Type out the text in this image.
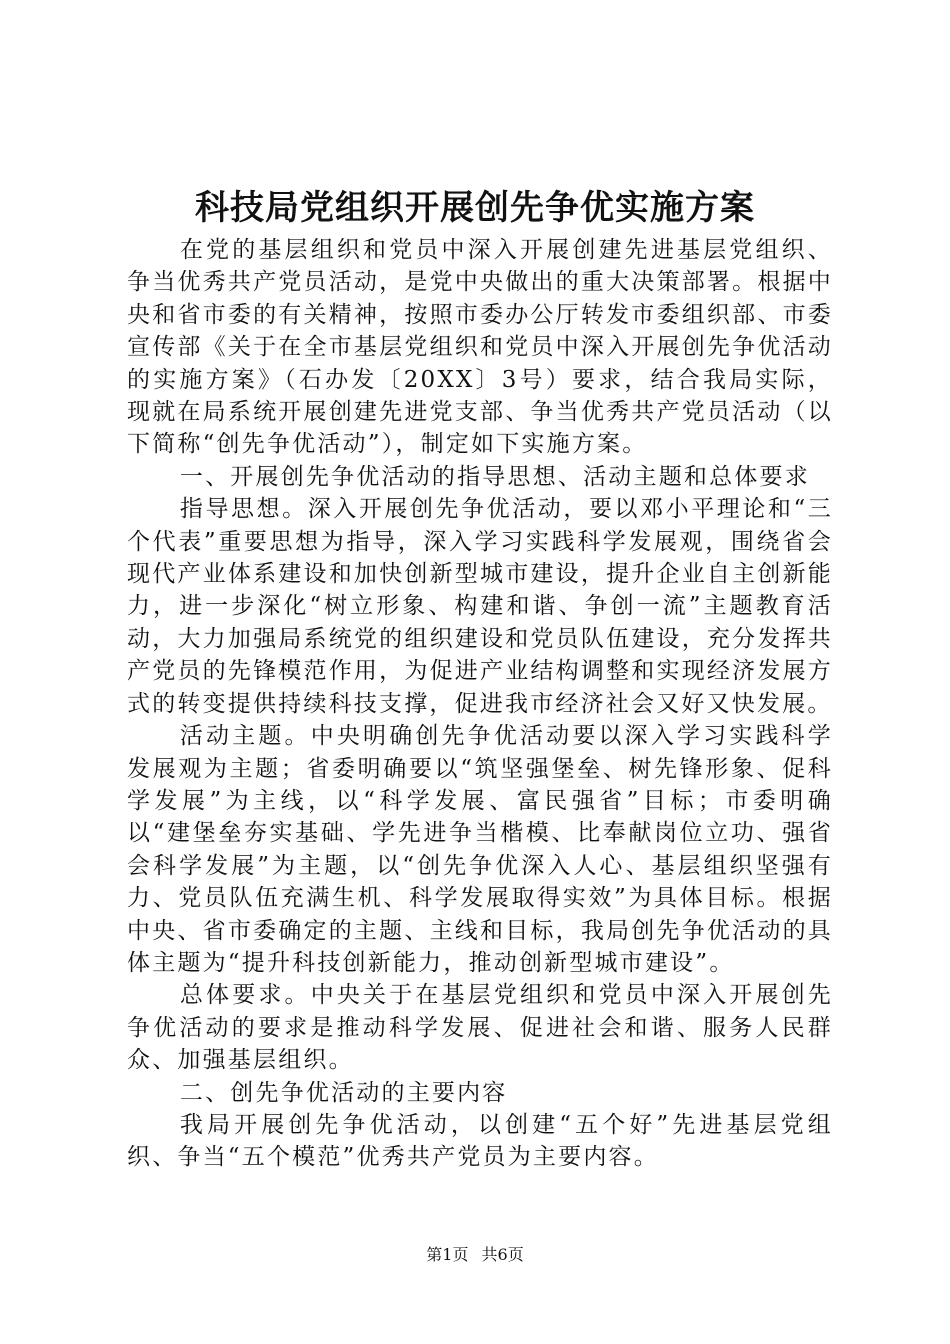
科技局党组织开展创先争优实施方案

在党的基层组织和党员中深入开展创建先进基层党组织、争当优秀共产党员活动，是党中央做出的重大决策部署。根据中央和省市委的有关精神，按照市委办公厅转发市委组织部、市委宣传部《关于在全市基层党组织和党员中深入开展创先争优活动的实施方案》（石办发〔20XX〕3号）要求，结合我局实际，现就在局系统开展创建先进党支部、争当优秀共产党员活动（以下简称“创先争优活动”），制定如下实施方案。

一、开展创先争优活动的指导思想、活动主题和总体要求

指导思想。深入开展创先争优活动，要以邓小平理论和“三个代表”重要思想为指导，深入学习实践科学发展观，围绕省会现代产业体系建设和加快创新型城市建设，提升企业自主创新能力，进一步深化“树立形象、构建和谐、争创一流”主题教育活动，大力加强局系统党的组织建设和党员队伍建设，充分发挥共产党员的先锋模范作用，为促进产业结构调整和实现经济发展方式的转变提供持续科技支撑，促进我市经济社会又好又快发展。

活动主题。中央明确创先争优活动要以深入学习实践科学发展观为主题；省委明确要以“筑坚强堡垒、树先锋形象、促科学发展”为主线，以“科学发展、富民强省”目标；市委明确以“建堡垒夯实基础、学先进争当楷模、比奉献岗位立功、强省会科学发展”为主题，以“创先争优深入人心、基层组织坚强有力、党员队伍充满生机、科学发展取得实效”为具体目标。根据中央、省市委确定的主题、主线和目标，我局创先争优活动的具体主题为“提升科技创新能力，推动创新型城市建设”。

总体要求。中央关于在基层党组织和党员中深入开展创先争优活动的要求是推动科学发展、促进社会和谐、服务人民群众、加强基层组织。

二、创先争优活动的主要内容

我局开展创先争优活动，以创建“五个好”先进基层党组织、争当“五个模范”优秀共产党员为主要内容。

第1页 共6页
